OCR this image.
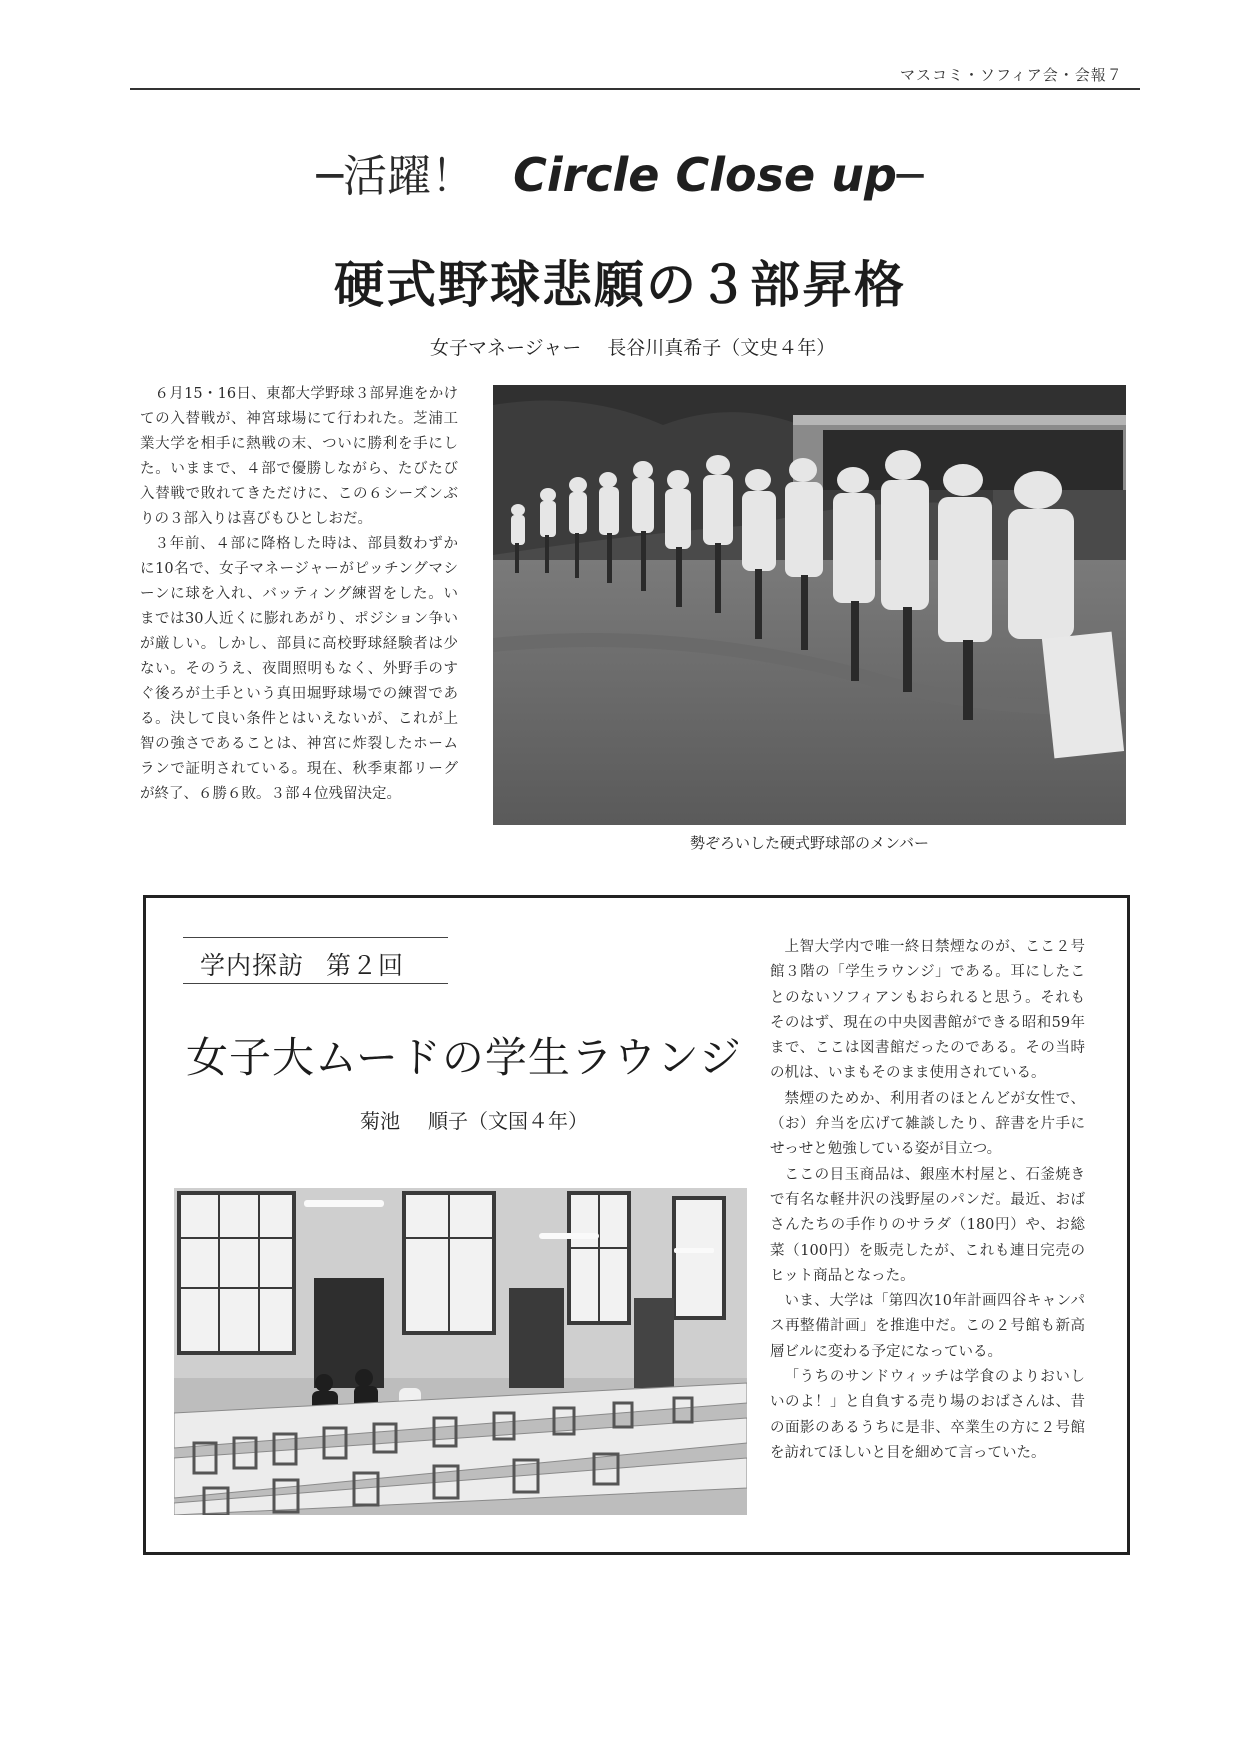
マスコミ・ソフィア会・会報７
─活躍！ Circle Close up─
硬式野球悲願の３部昇格
女子マネージャー 長谷川真希子（文史４年）

６月15・16日、東都大学野球３部昇進をかけての入替戦が、神宮球場にて行われた。芝浦工業大学を相手に熱戦の末、ついに勝利を手にした。いままで、４部で優勝しながら、たびたび入替戦で敗れてきただけに、この６シーズンぶりの３部入りは喜びもひとしおだ。

３年前、４部に降格した時は、部員数わずかに10名で、女子マネージャーがピッチングマシーンに球を入れ、バッティング練習をした。いまでは30人近くに膨れあがり、ポジション争いが厳しい。しかし、部員に高校野球経験者は少ない。そのうえ、夜間照明もなく、外野手のすぐ後ろが土手という真田堀野球場での練習である。決して良い条件とはいえないが、これが上智の強さであることは、神宮に炸裂したホームランで証明されている。現在、秋季東都リーグが終了、６勝６敗。３部４位残留決定。

勢ぞろいした硬式野球部のメンバー
学内探訪 第２回
女子大ムードの学生ラウンジ
菊池 順子（文国４年）

上智大学内で唯一終日禁煙なのが、ここ２号館３階の「学生ラウンジ」である。耳にしたことのないソフィアンもおられると思う。それもそのはず、現在の中央図書館ができる昭和59年まで、ここは図書館だったのである。その当時の机は、いまもそのまま使用されている。

禁煙のためか、利用者のほとんどが女性で、（お）弁当を広げて雑談したり、辞書を片手にせっせと勉強している姿が目立つ。

ここの目玉商品は、銀座木村屋と、石釜焼きで有名な軽井沢の浅野屋のパンだ。最近、おばさんたちの手作りのサラダ（180円）や、お総菜（100円）を販売したが、これも連日完売のヒット商品となった。

いま、大学は「第四次10年計画四谷キャンパス再整備計画」を推進中だ。この２号館も新高層ビルに変わる予定になっている。

「うちのサンドウィッチは学食のよりおいしいのよ！」と自負する売り場のおばさんは、昔の面影のあるうちに是非、卒業生の方に２号館を訪れてほしいと目を細めて言っていた。
